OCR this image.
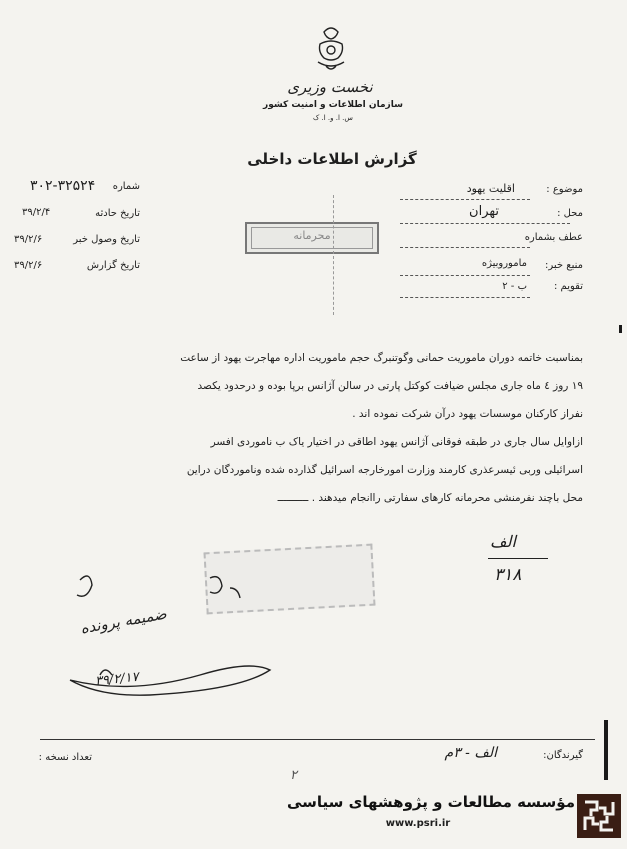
نخست وزیری
سازمان اطلاعات و امنیت کشور
س. ا. و. ا. ک
گزارش اطلاعات داخلی
موضوع :
اقلیت یهود
محل :
تهران
عطف بشماره
منبع خبر:
ماموروبیژه
تقویم :
ب - ۲
شماره
۳۰۲-۳۲۵۲۴
تاریخ حادثه
۳۹/۲/۴
تاریخ وصول خبر
۳۹/۲/۶
تاریخ گزارش
۳۹/۲/۶
محرمانه
بمناسبت خاتمه دوران ماموریت حمانی وگوتنبرگ حجم ماموریت اداره مهاجرت یهود از ساعت
۱۹ روز ٤ ماه جاری مجلس ضیافت کوکتل پارتی در سالن آژانس برپا بوده و درحدود یکصد
نفراز کارکنان موسسات یهود درآن شرکت نموده اند .
ازاوایل سال جاری در طبقه فوقانی آژانس یهود اطاقی در اختیار یاک ب ناموردی افسر
اسرائیلی وربی ئیسرعذری کارمند وزارت امورخارجه اسرائیل گذارده شده وناموردگان دراین
محل باچند نفرمنشی محرمانه کارهای سفارتی راانجام میدهند . ــــــــــ
الف
۳۱۸
ضمیمه پرونده
۳۹/۲/۱۷
گیرندگان:
الف - ۳م
تعداد نسخه :
۲
مؤسسه مطالعات و پژوهشهای سیاسی
www.psri.ir
